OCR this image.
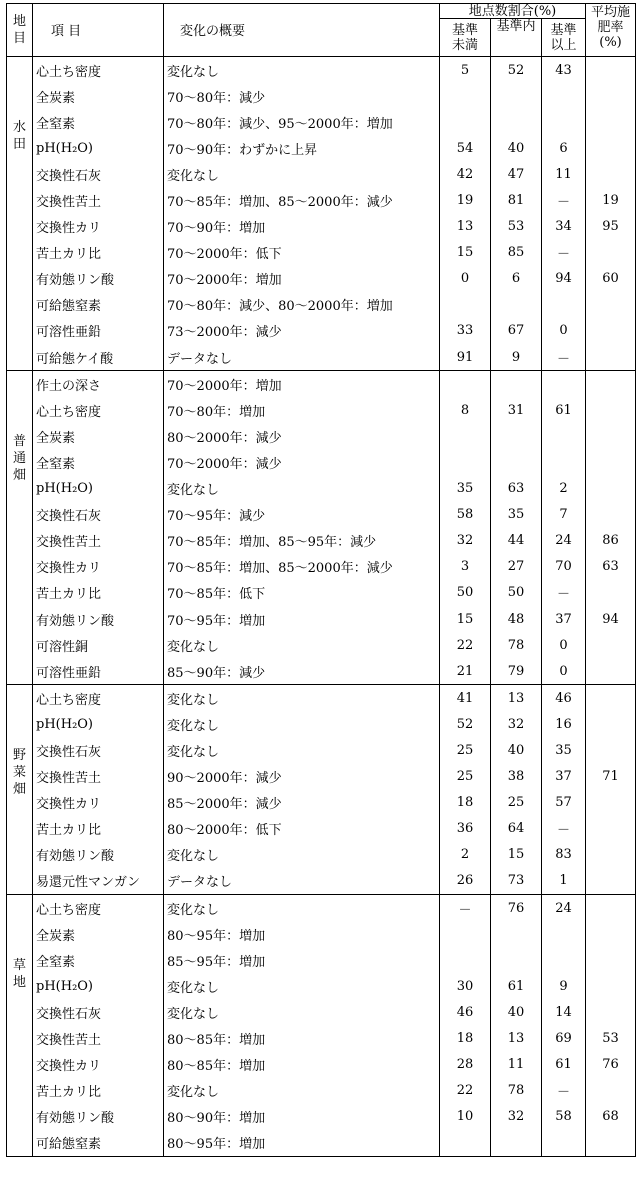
地目	項 目	変化の概要	地点数割合(%)			平均施肥率(%)
			基準未満	基準内	基準以上	
水田	心土ち密度	変化なし	5	52	43	
	全炭素	70～80年：減少				
	全窒素	70～80年：減少、95～2000年：増加				
	pH(H₂O)	70～90年：わずかに上昇	54	40	6	
	交換性石灰	変化なし	42	47	11	
	交換性苦土	70～85年：増加、85～2000年：減少	19	81	－	19
	交換性カリ	70～90年：増加	13	53	34	95
	苦土カリ比	70～2000年：低下	15	85	－	
	有効態リン酸	70～2000年：増加	0	6	94	60
	可給態窒素	70～80年：減少、80～2000年：増加				
	可溶性亜鉛	73～2000年：減少	33	67	0	
	可給態ケイ酸	データなし	91	9	－	
普通畑	作土の深さ	70～2000年：増加				
	心土ち密度	70～80年：増加	8	31	61	
	全炭素	80～2000年：減少				
	全窒素	70～2000年：減少				
	pH(H₂O)	変化なし	35	63	2	
	交換性石灰	70～95年：減少	58	35	7	
	交換性苦土	70～85年：増加、85～95年：減少	32	44	24	86
	交換性カリ	70～85年：増加、85～2000年：減少	3	27	70	63
	苦土カリ比	70～85年：低下	50	50	－	
	有効態リン酸	70～95年：増加	15	48	37	94
	可溶性銅	変化なし	22	78	0	
	可溶性亜鉛	85～90年：減少	21	79	0	
野菜畑	心土ち密度	変化なし	41	13	46	
	pH(H₂O)	変化なし	52	32	16	
	交換性石灰	変化なし	25	40	35	
	交換性苦土	90～2000年：減少	25	38	37	71
	交換性カリ	85～2000年：減少	18	25	57	
	苦土カリ比	80～2000年：低下	36	64	－	
	有効態リン酸	変化なし	2	15	83	
	易還元性マンガン	データなし	26	73	1	
草地	心土ち密度	変化なし	－	76	24	
	全炭素	80～95年：増加				
	全窒素	85～95年：増加				
	pH(H₂O)	変化なし	30	61	9	
	交換性石灰	変化なし	46	40	14	
	交換性苦土	80～85年：増加	18	13	69	53
	交換性カリ	80～85年：増加	28	11	61	76
	苦土カリ比	変化なし	22	78	－	
	有効態リン酸	80～90年：増加	10	32	58	68
	可給態窒素	80～95年：増加				
